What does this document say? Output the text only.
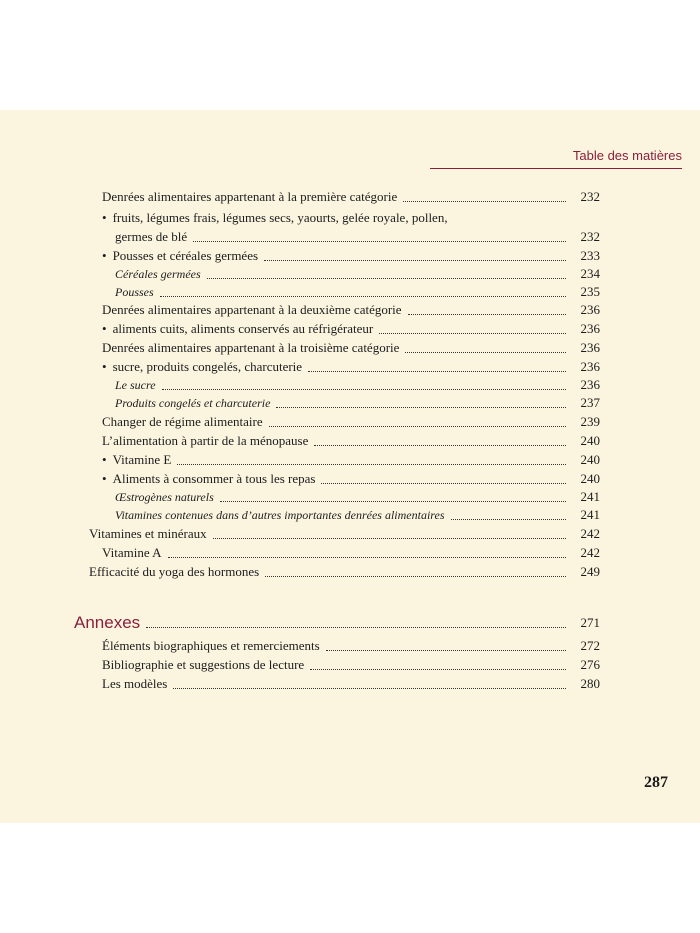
Table des matières
Denrées alimentaires appartenant à la première catégorie	232
• fruits, légumes frais, légumes secs, yaourts, gelée royale, pollen,
germes de blé	232
• Pousses et céréales germées	233
Céréales germées	234
Pousses	235
Denrées alimentaires appartenant à la deuxième catégorie	236
• aliments cuits, aliments conservés au réfrigérateur	236
Denrées alimentaires appartenant à la troisième catégorie	236
• sucre, produits congelés, charcuterie	236
Le sucre	236
Produits congelés et charcuterie	237
Changer de régime alimentaire	239
L’alimentation à partir de la ménopause	240
• Vitamine E	240
• Aliments à consommer à tous les repas	240
Œstrogènes naturels	241
Vitamines contenues dans d’autres importantes denrées alimentaires	241
Vitamines et minéraux	242
Vitamine A	242
Efficacité du yoga des hormones	249
Annexes	271
Éléments biographiques et remerciements	272
Bibliographie et suggestions de lecture	276
Les modèles	280
287
